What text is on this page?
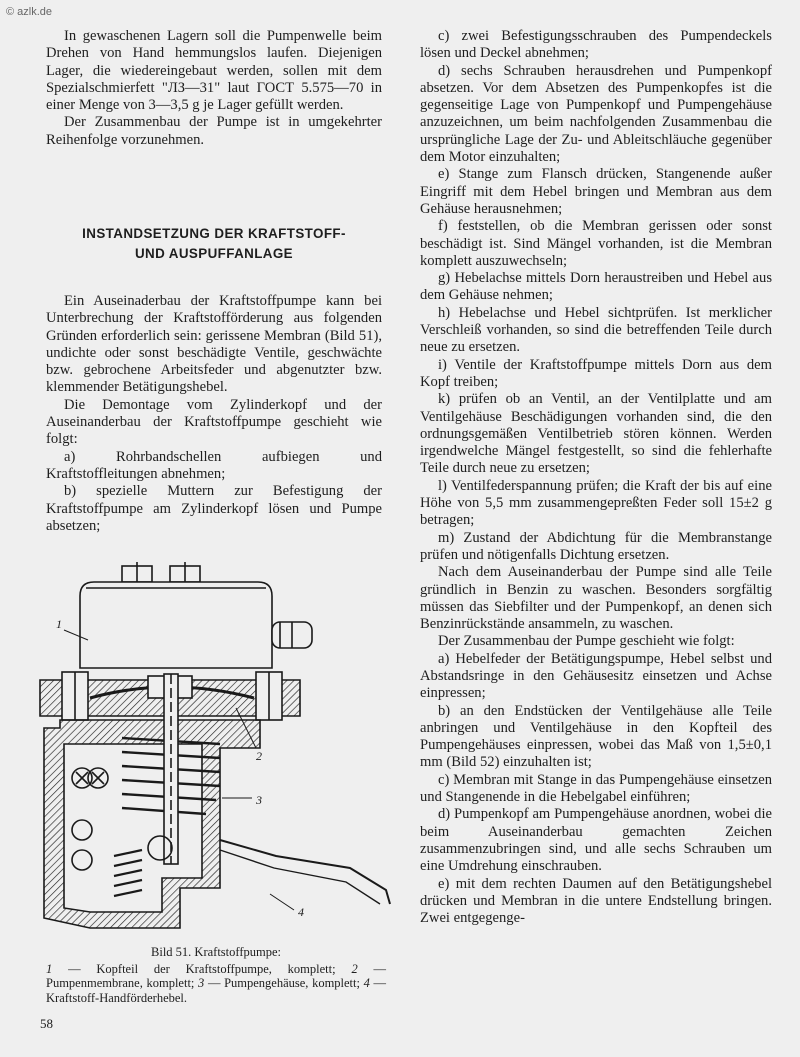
© azlk.de

In gewaschenen Lagern soll die Pumpenwelle beim Drehen von Hand hemmungslos laufen. Diejenigen Lager, die wiedereingebaut werden, sollen mit dem Spezialschmierfett "ЛЗ—31" laut ГОСТ 5.575—70 in einer Menge von 3—3,5 g je Lager gefüllt werden.

Der Zusammenbau der Pumpe ist in umgekehrter Reihenfolge vorzunehmen.

INSTANDSETZUNG DER KRAFTSTOFF-
UND AUSPUFFANLAGE

Ein Auseinaderbau der Kraftstoffpumpe kann bei Unterbrechung der Kraftstofförderung aus folgenden Gründen erforderlich sein: gerissene Membran (Bild 51), undichte oder sonst beschädigte Ventile, geschwächte bzw. gebrochene Arbeitsfeder und abgenutzter bzw. klemmender Betätigungshebel.

Die Demontage vom Zylinderkopf und der Auseinanderbau der Kraftstoffpumpe geschieht wie folgt:

a) Rohrbandschellen aufbiegen und Kraftstoffleitungen abnehmen;

b) spezielle Muttern zur Befestigung der Kraftstoffpumpe am Zylinderkopf lösen und Pumpe absetzen;

1
2
3
4
Bild 51. Kraftstoffpumpe:
1 — Kopfteil der Kraftstoffpumpe, komplett; 2 — Pumpenmembrane, komplett; 3 — Pumpengehäuse, komplett; 4 — Kraftstoff-Handförderhebel.
58

c) zwei Befestigungsschrauben des Pumpendeckels lösen und Deckel abnehmen;

d) sechs Schrauben herausdrehen und Pumpenkopf absetzen. Vor dem Absetzen des Pumpenkopfes ist die gegenseitige Lage von Pumpenkopf und Pumpengehäuse anzuzeichnen, um beim nachfolgenden Zusammenbau die ursprüngliche Lage der Zu- und Ableitschläuche gegenüber dem Motor einzuhalten;

e) Stange zum Flansch drücken, Stangenende außer Eingriff mit dem Hebel bringen und Membran aus dem Gehäuse herausnehmen;

f) feststellen, ob die Membran gerissen oder sonst beschädigt ist. Sind Mängel vorhanden, ist die Membran komplett auszuwechseln;

g) Hebelachse mittels Dorn heraustreiben und Hebel aus dem Gehäuse nehmen;

h) Hebelachse und Hebel sichtprüfen. Ist merklicher Verschleiß vorhanden, so sind die betreffenden Teile durch neue zu ersetzen.

i) Ventile der Kraftstoffpumpe mittels Dorn aus dem Kopf treiben;

k) prüfen ob an Ventil, an der Ventilplatte und am Ventilgehäuse Beschädigungen vorhanden sind, die den ordnungsgemäßen Ventilbetrieb stören können. Werden irgendwelche Mängel festgestellt, so sind die fehlerhafte Teile durch neue zu ersetzen;

l) Ventilfederspannung prüfen; die Kraft der bis auf eine Höhe von 5,5 mm zusammengepreßten Feder soll 15±2 g betragen;

m) Zustand der Abdichtung für die Membranstange prüfen und nötigenfalls Dichtung ersetzen.

Nach dem Auseinanderbau der Pumpe sind alle Teile gründlich in Benzin zu waschen. Besonders sorgfältig müssen das Siebfilter und der Pumpenkopf, an denen sich Benzinrückstände ansammeln, zu waschen.

Der Zusammenbau der Pumpe geschieht wie folgt:

a) Hebelfeder der Betätigungspumpe, Hebel selbst und Abstandsringe in den Gehäusesitz einsetzen und Achse einpressen;

b) an den Endstücken der Ventilgehäuse alle Teile anbringen und Ventilgehäuse in den Kopfteil des Pumpengehäuses einpressen, wobei das Maß von 1,5±0,1 mm (Bild 52) einzuhalten ist;

c) Membran mit Stange in das Pumpengehäuse einsetzen und Stangenende in die Hebelgabel einführen;

d) Pumpenkopf am Pumpengehäuse anordnen, wobei die beim Auseinanderbau gemachten Zeichen zusammenzubringen sind, und alle sechs Schrauben um eine Umdrehung einschrauben.

e) mit dem rechten Daumen auf den Betätigungshebel drücken und Membran in die untere Endstellung bringen. Zwei entgegenge-
